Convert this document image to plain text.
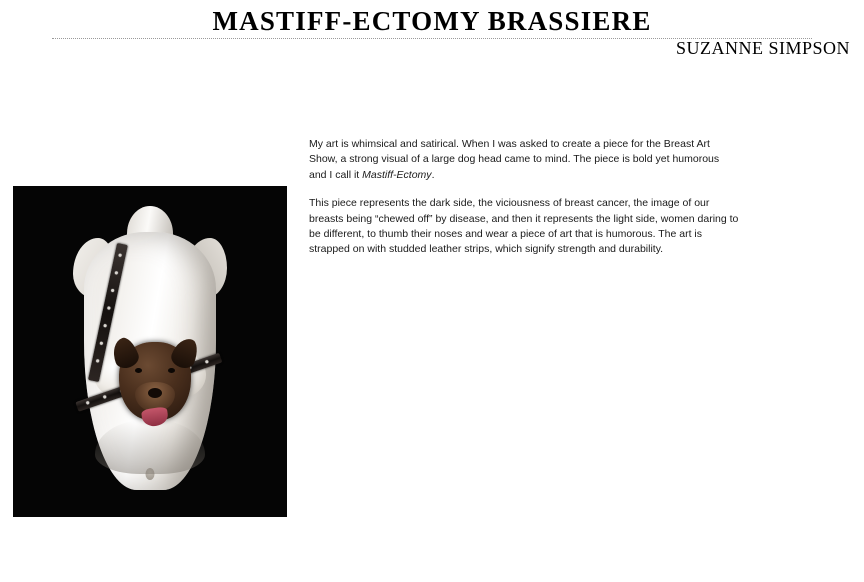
MASTIFF-ECTOMY BRASSIERE
SUZANNE SIMPSON

My art is whimsical and satirical. When I was asked to create a piece for the Breast Art Show, a strong visual of a large dog head came to mind. The piece is bold yet humorous and I call it Mastiff-Ectomy.

This piece represents the dark side, the viciousness of breast cancer, the image of our breasts being “chewed off” by disease, and then it represents the light side, women daring to be different, to thumb their noses and wear a piece of art that is humorous. The art is strapped on with studded leather strips, which signify strength and durability.
